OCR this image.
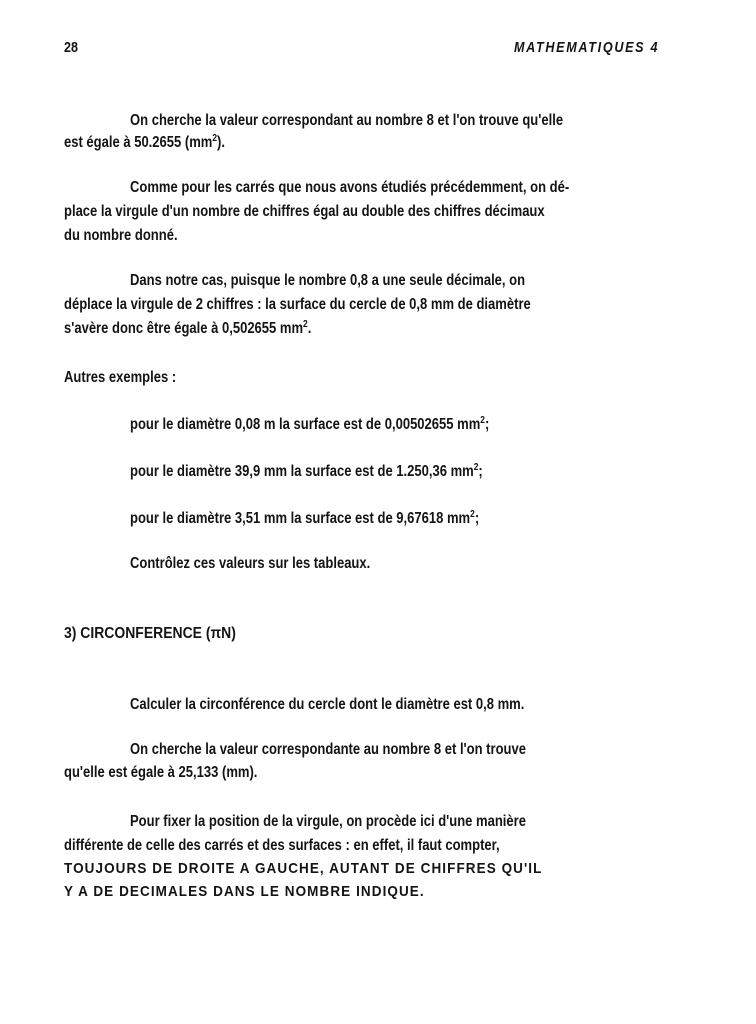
28	MATHEMATIQUES 4
On cherche la valeur correspondant au nombre 8 et l'on trouve qu'elle
est égale à 50.2655 $(mm^2)$.
Comme pour les carrés que nous avons étudiés précédemment, on dé-
place la virgule d'un nombre de chiffres égal au double des chiffres décimaux
du nombre donné.
Dans notre cas, puisque le nombre 0,8 a une seule décimale, on
déplace la virgule de 2 chiffres : la surface du cercle de 0,8 mm de diamètre
s'avère donc être égale à 0,502655 $mm^2$.
Autres exemples :
pour le diamètre 0,08 m la surface est de 0,00502655 $mm^2$;
pour le diamètre 39,9 mm la surface est de 1.250,36 $mm^2$;
pour le diamètre 3,51 mm la surface est de 9,67618 $mm^2$;
Contrôlez ces valeurs sur les tableaux.
3) CIRCONFERENCE (πN)
Calculer la circonférence du cercle dont le diamètre est 0,8 mm.
On cherche la valeur correspondante au nombre 8 et l'on trouve
qu'elle est égale à 25,133 (mm).
Pour fixer la position de la virgule, on procède ici d'une manière
différente de celle des carrés et des surfaces : en effet, il faut compter,
TOUJOURS DE DROITE A GAUCHE, AUTANT DE CHIFFRES QU'IL
Y A DE DECIMALES DANS LE NOMBRE INDIQUE.
